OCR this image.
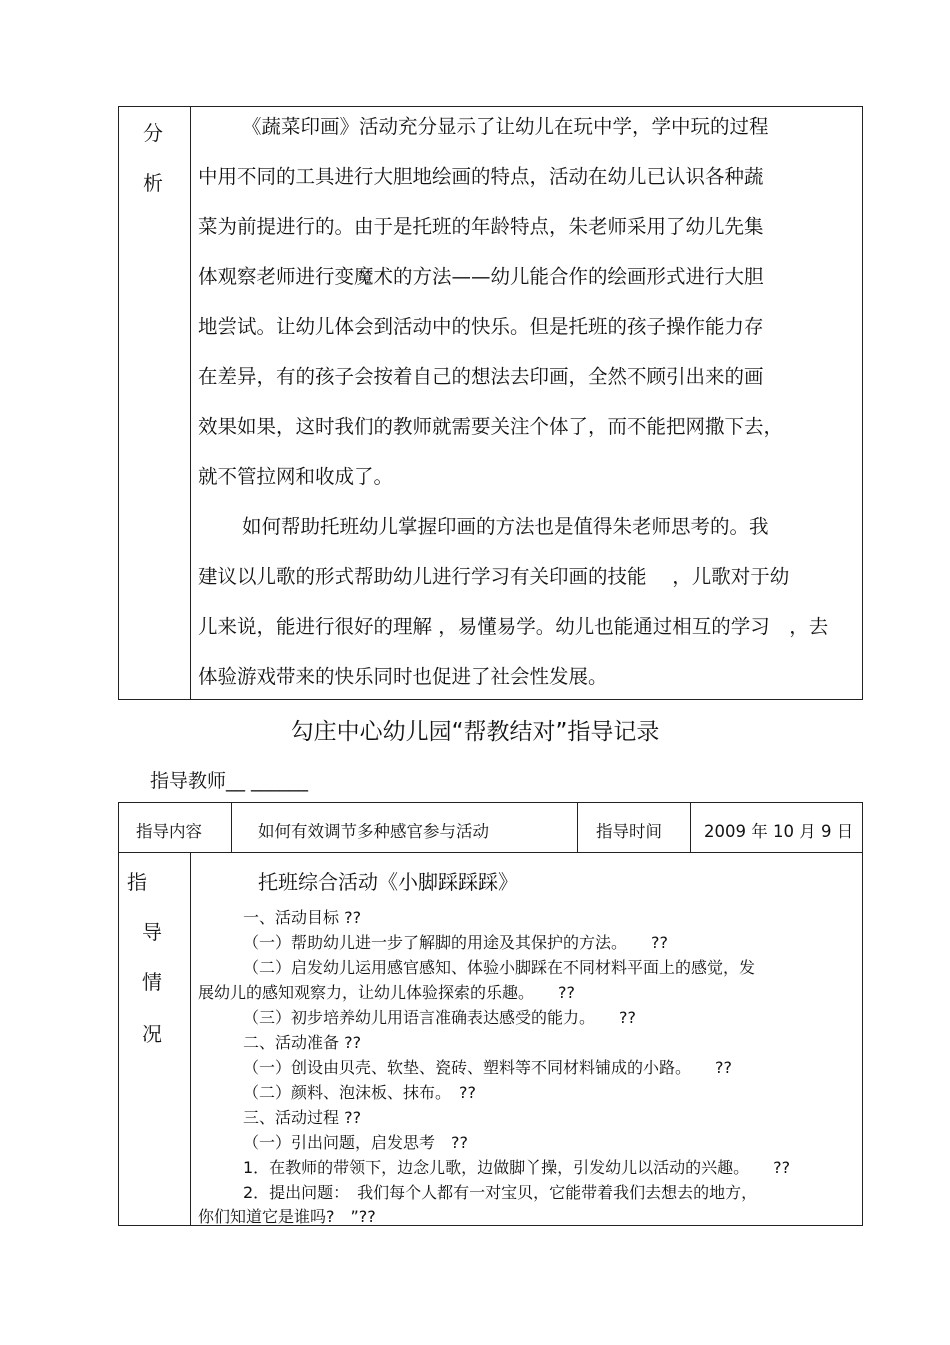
分
析

《蔬菜印画》活动充分显示了让幼儿在玩中学，学中玩的过程

中用不同的工具进行大胆地绘画的特点，活动在幼儿已认识各种蔬

菜为前提进行的。由于是托班的年龄特点，朱老师采用了幼儿先集

体观察老师进行变魔术的方法——幼儿能合作的绘画形式进行大胆

地尝试。让幼儿体会到活动中的快乐。但是托班的孩子操作能力存

在差异，有的孩子会按着自己的想法去印画，全然不顾引出来的画

效果如果，这时我们的教师就需要关注个体了，而不能把网撒下去，

就不管拉网和收成了。

如何帮助托班幼儿掌握印画的方法也是值得朱老师思考的。我

建议以儿歌的形式帮助幼儿进行学习有关印画的技能　 ，儿歌对于幼

儿来说，能进行很好的理解 ，易懂易学。幼儿也能通过相互的学习　，去

体验游戏带来的快乐同时也促进了社会性发展。

勾庄中心幼儿园“帮教结对”指导记录
指导教师__ ______
指导内容	如何有效调节多种感官参与活动	指导时间	2009 年 10 月 9 日
指
导
情
况
托班综合活动《小脚踩踩踩》

一、活动目标 ??

（一）帮助幼儿进一步了解脚的用途及其保护的方法。　　??

（二）启发幼儿运用感官感知、体验小脚踩在不同材料平面上的感觉，发

展幼儿的感知观察力，让幼儿体验探索的乐趣。　　??

（三）初步培养幼儿用语言准确表达感受的能力。　　??

二、活动准备 ??

（一）创设由贝壳、软垫、瓷砖、塑料等不同材料铺成的小路。　　??

（二）颜料、泡沫板、抹布。　??

三、活动过程 ??

（一）引出问题，启发思考　??

1．在教师的带领下，边念儿歌，边做脚丫操，引发幼儿以活动的兴趣。　　??

2．提出问题：　我们每个人都有一对宝贝，它能带着我们去想去的地方，

你们知道它是谁吗?　”??
